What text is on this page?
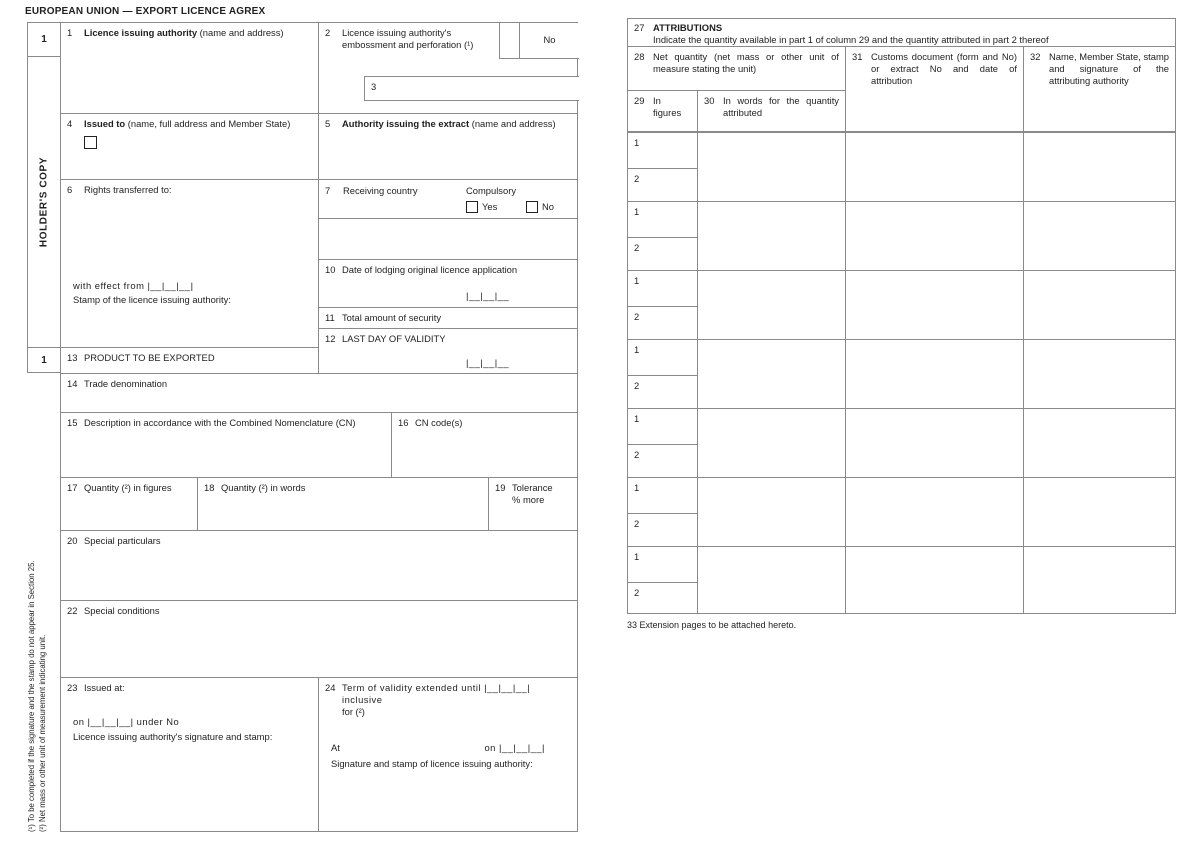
EUROPEAN UNION — EXPORT LICENCE AGREX
1
HOLDER'S COPY
1
1	Licence issuing authority (name and address)	2	Licence issuing authority's embossment and perforation (¹)	No
3
4	Issued to (name, full address and Member State)	5	Authority issuing the extract (name and address)
6	Rights transferred to:
with effect from |__|__|__|
Stamp of the licence issuing authority:
7 Receiving country	Compulsory
Yes	No
10 Date of lodging original licence application
|__|__|__
11 Total amount of security
12 LAST DAY OF VALIDITY
|__|__|__
13 PRODUCT TO BE EXPORTED
14 Trade denomination
15 Description in accordance with the Combined Nomenclature (CN)	16 CN code(s)
17 Quantity (²) in figures	18 Quantity (²) in words	19 Tolerance
% more
20 Special particulars
22 Special conditions
23 Issued at:
on |__|__|__| under No
Licence issuing authority's signature and stamp:
24 Term of validity extended until |__|__|__| inclusive
for (²)
At	on |__|__|__|
Signature and stamp of licence issuing authority:
(¹) To be completed if the signature and the stamp do not appear in Section 25. (²) Net mass or other unit of measurement indicating unit.
27 ATTRIBUTIONS
Indicate the quantity available in part 1 of column 29 and the quantity attributed in part 2 thereof
28 Net quantity (net mass or other unit of measure stating the unit)
31 Customs document (form and No) or extract No and date of attribution
32 Name, Member State, stamp and signature of the attributing authority
29 In figures
30 In words for the quantity attributed
1
2
1
2
1
2
1
2
1
2
1
2
1
2
33 Extension pages to be attached hereto.
